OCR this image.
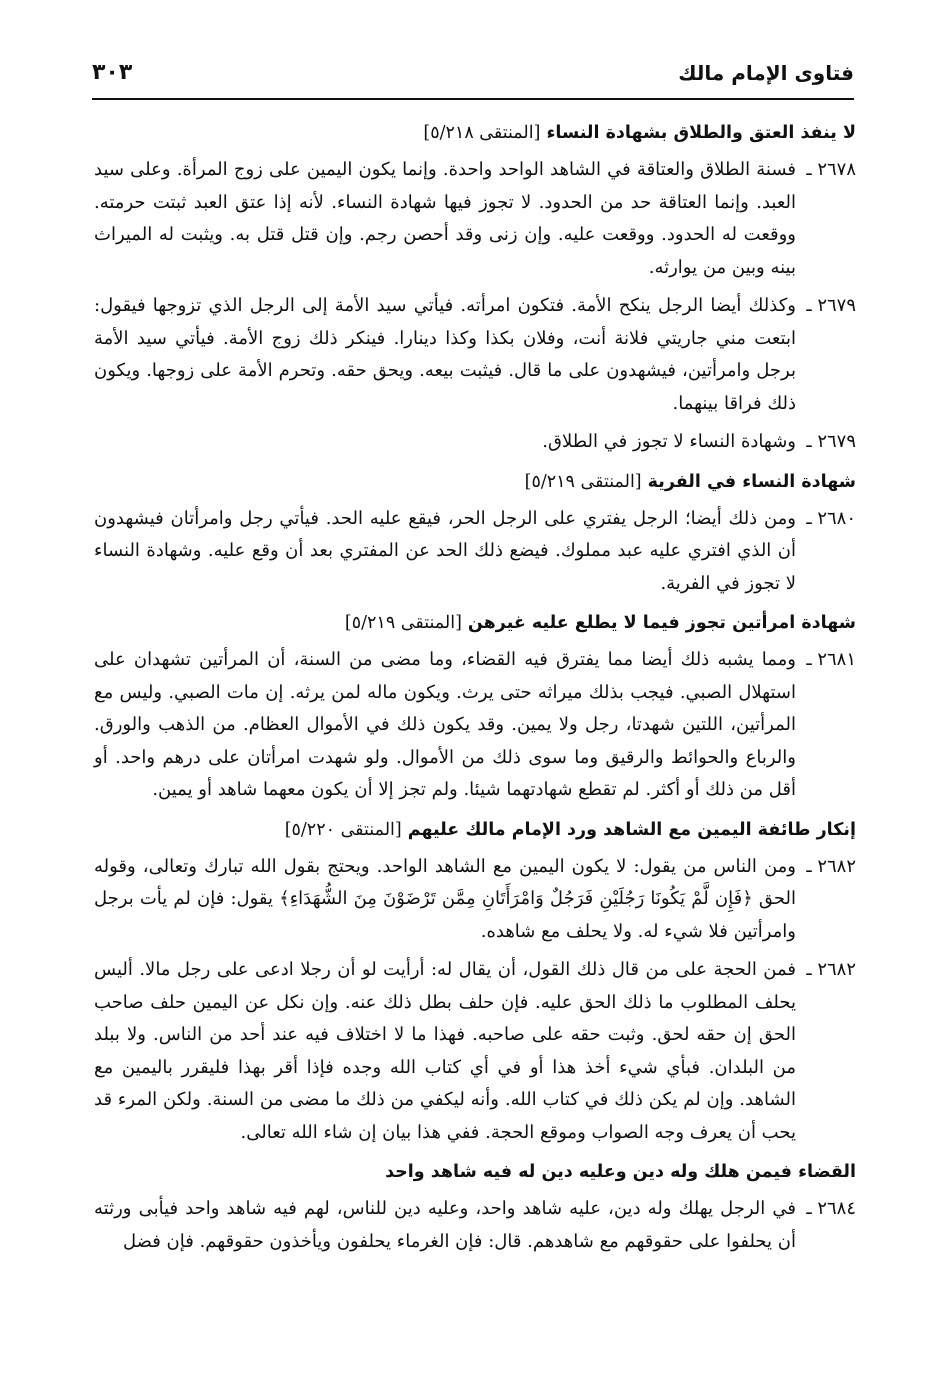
فتاوى الإمام مالك
٣٠٣
لا ينفذ العتق والطلاق بشهادة النساء[المنتقى ٥/٢١٨]

٢٦٧٨ ـ
فسنة الطلاق والعتاقة في الشاهد الواحد واحدة. وإنما يكون اليمين على زوج المرأة. وعلى سيد العبد. وإنما العتاقة حد من الحدود. لا تجوز فيها شهادة النساء. لأنه إذا عتق العبد ثبتت حرمته. ووقعت له الحدود. ووقعت عليه. وإن زنى وقد أحصن رجم. وإن قتل قتل به. ويثبت له الميراث بينه وبين من يوارثه.

٢٦٧٩ ـ
وكذلك أيضا الرجل ينكح الأمة. فتكون امرأته. فيأتي سيد الأمة إلى الرجل الذي تزوجها فيقول: ابتعت مني جاريتي فلانة أنت، وفلان بكذا وكذا دينارا. فينكر ذلك زوج الأمة. فيأتي سيد الأمة برجل وامرأتين، فيشهدون على ما قال. فيثبت بيعه. ويحق حقه. وتحرم الأمة على زوجها. ويكون ذلك فراقا بينهما.

٢٦٧٩ ـ
وشهادة النساء لا تجوز في الطلاق.

شهادة النساء في الفرية[المنتقى ٥/٢١٩]

٢٦٨٠ ـ
ومن ذلك أيضا؛ الرجل يفتري على الرجل الحر، فيقع عليه الحد. فيأتي رجل وامرأتان فيشهدون أن الذي افتري عليه عبد مملوك. فيضع ذلك الحد عن المفتري بعد أن وقع عليه. وشهادة النساء لا تجوز في الفرية.

شهادة امرأتين تجوز فيما لا يطلع عليه غيرهن[المنتقى ٥/٢١٩]

٢٦٨١ ـ
ومما يشبه ذلك أيضا مما يفترق فيه القضاء، وما مضى من السنة، أن المرأتين تشهدان على استهلال الصبي. فيجب بذلك ميراثه حتى يرث. ويكون ماله لمن يرثه. إن مات الصبي. وليس مع المرأتين، اللتين شهدتا، رجل ولا يمين. وقد يكون ذلك في الأموال العظام. من الذهب والورق. والرباع والحوائط والرقيق وما سوى ذلك من الأموال. ولو شهدت امرأتان على درهم واحد. أو أقل من ذلك أو أكثر. لم تقطع شهادتهما شيئا. ولم تجز إلا أن يكون معهما شاهد أو يمين.

إنكار طائفة اليمين مع الشاهد ورد الإمام مالك عليهم[المنتقى ٥/٢٢٠]

٢٦٨٢ ـ
ومن الناس من يقول: لا يكون اليمين مع الشاهد الواحد. ويحتج بقول الله تبارك وتعالى، وقوله الحق ﴿فَإِن لَّمْ يَكُونَا رَجُلَيْنِ فَرَجُلٌ وَامْرَأَتَانِ مِمَّن تَرْضَوْنَ مِنَ الشُّهَدَاءِ﴾ يقول: فإن لم يأت برجل وامرأتين فلا شيء له. ولا يحلف مع شاهده.

٢٦٨٢ ـ
فمن الحجة على من قال ذلك القول، أن يقال له: أرأيت لو أن رجلا ادعى على رجل مالا. أليس يحلف المطلوب ما ذلك الحق عليه. فإن حلف بطل ذلك عنه. وإن نكل عن اليمين حلف صاحب الحق إن حقه لحق. وثبت حقه على صاحبه. فهذا ما لا اختلاف فيه عند أحد من الناس. ولا ببلد من البلدان. فبأي شيء أخذ هذا أو في أي كتاب الله وجده فإذا أقر بهذا فليقرر باليمين مع الشاهد. وإن لم يكن ذلك في كتاب الله. وأنه ليكفي من ذلك ما مضى من السنة. ولكن المرء قد يحب أن يعرف وجه الصواب وموقع الحجة. ففي هذا بيان إن شاء الله تعالى.

القضاء فيمن هلك وله دين وعليه دين له فيه شاهد واحد

٢٦٨٤ ـ
في الرجل يهلك وله دين، عليه شاهد واحد، وعليه دين للناس، لهم فيه شاهد واحد فيأبى ورثته أن يحلفوا على حقوقهم مع شاهدهم. قال: فإن الغرماء يحلفون ويأخذون حقوقهم. فإن فضل
